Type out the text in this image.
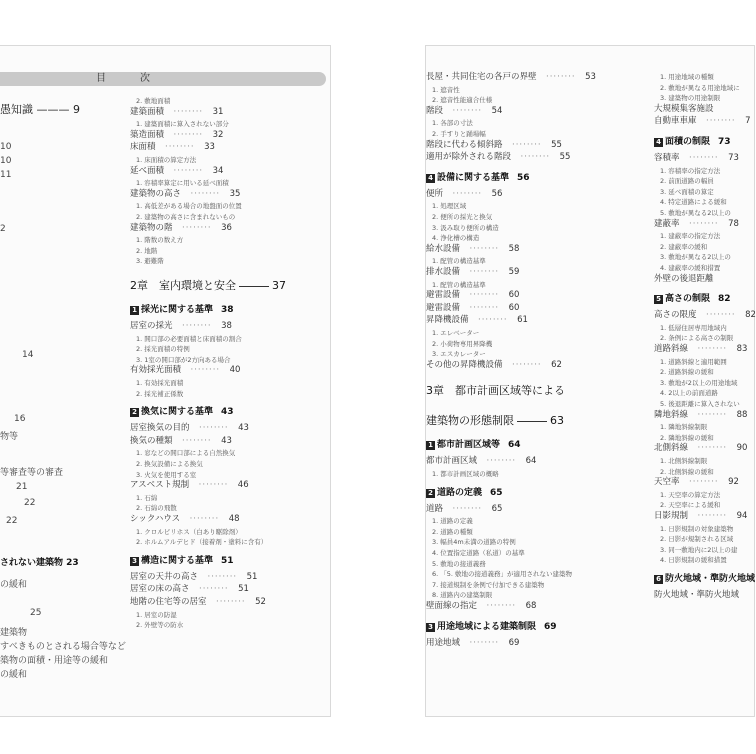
目　次
愚知識 ——— 9
10
10
11
2
14
16
物等
等審査等の審査
21
22
22
されない建築物 23
の緩和
25
建築物
すべきものとされる場合等など
築物の面積・用途等の緩和
の緩和
2. 敷地面積
建築面積　········　31
1. 建築面積に算入されない部分
築造面積　········　32
床面積　········　33
1. 床面積の算定方法
延べ面積　········　34
1. 容積率算定に用いる延べ面積
建築物の高さ　········　35
1. 高低差がある場合の地盤面の位置
2. 建築物の高さに含まれないもの
建築物の階　········　36
1. 階数の数え方
2. 地階
3. 避難階
2章　室内環境と安全	37
1 採光に関する基準 38
居室の採光　········　38
1. 開口部の必要面積と床面積の割合
2. 採光面積の特例
3. 1室の開口部が2方向ある場合
有効採光面積　········　40
1. 有効採光面積
2. 採光補正係数
2 換気に関する基準 43
居室換気の目的　········　43
換気の種類　········　43
1. 窓などの開口部による自然換気
2. 換気設備による換気
3. 火気を使用する室
アスベスト規制　········　46
1. 石綿
2. 石綿の飛散
シックハウス　········　48
1. クロルピリホス（白あり駆除剤）
2. ホルムアルデヒド（接着剤・塗料に含有）
3 構造に関する基準 51
居室の天井の高さ　········　51
居室の床の高さ　········　51
地階の住宅等の居室　········　52
1. 居室の防湿
2. 外壁等の防水
長屋・共同住宅の各戸の界壁　········　53
1. 遮音性
2. 遮音性能適合仕様
階段　········　54
1. 各部の寸法
2. 手すりと踊場幅
階段に代わる傾斜路　········　55
適用が除外される階段　········　55
4 設備に関する基準 56
便所　········　56
1. 処理区域
2. 便所の採光と換気
3. 汲み取り便所の構造
4. 浄化槽の構造
給水設備　········　58
1. 配管の構造基準
排水設備　········　59
1. 配管の構造基準
避雷設備　········　60
避雷設備　········　60
昇降機設備　········　61
1. エレベーター
2. 小荷物専用昇降機
3. エスカレーター
その他の昇降機設備　········　62
3章　都市計画区域等による
建築物の形態制限	63
1 都市計画区域等 64
都市計画区域　········　64
1. 都市計画区域の概略
2 道路の定義 65
道路　········　65
1. 道路の定義
2. 道路の種類
3. 幅員4m未満の道路の特例
4. 位置指定道路（私道）の基準
5. 敷地の接道義務
6. 「5. 敷地の接道義務」が適用されない建築物
7. 接道規制を条例で付加できる建築物
8. 道路内の建築制限
壁面線の指定　········　68
3 用途地域による建築制限 69
用途地域　········　69
1. 用途地域の種類
2. 敷地が異なる用途地域に
3. 建築物の用途制限
大規模集客施設
自動車車庫　········　7
4 面積の制限 73
容積率　········　73
1. 容積率の指定方法
2. 前面道路の幅員
3. 延べ面積の算定
4. 特定道路による緩和
5. 敷地が異なる2以上の
建蔽率　········　78
1. 建蔽率の指定方法
2. 建蔽率の緩和
3. 敷地が異なる2以上の
4. 建蔽率の緩和措置
外壁の後退距離
5 高さの制限 82
高さの限度　········　82
1. 低層住居専用地域内
2. 条例による高さの制限
道路斜線　········　83
1. 道路斜線と適用範囲
2. 道路斜線の緩和
3. 敷地が2以上の用途地域
4. 2以上の前面道路
5. 後退距離に算入されない
隣地斜線　········　88
1. 隣地斜線制限
2. 隣地斜線の緩和
北側斜線　········　90
1. 北側斜線制限
2. 北側斜線の緩和
天空率　········　92
1. 天空率の算定方法
2. 天空率による緩和
日影規制　········　94
1. 日影規制の対象建築物
2. 日影が規制される区域
3. 同一敷地内に2以上の建
4. 日影規制の緩和措置
6 防火地域・準防火地域
防火地域・準防火地域
